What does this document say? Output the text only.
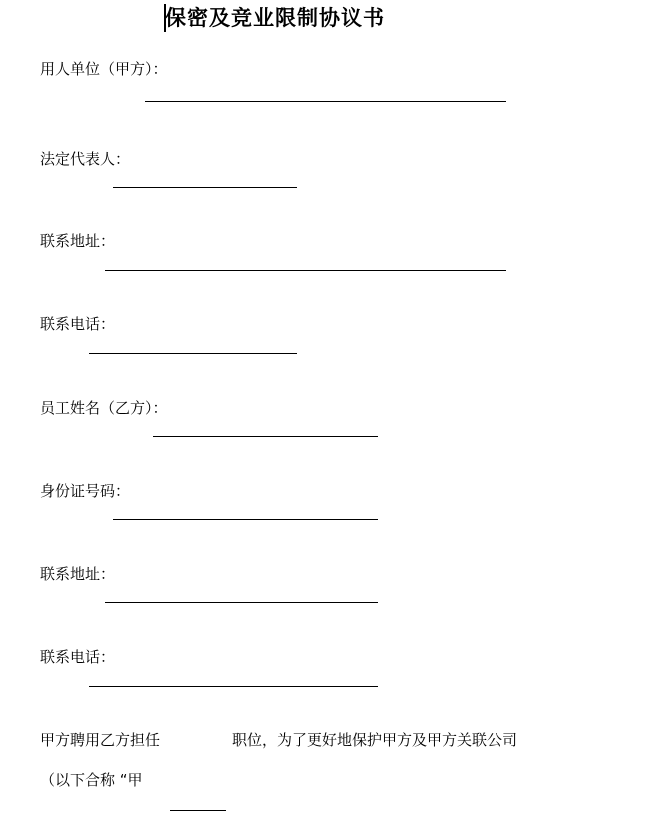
保密及竞业限制协议书
用人单位（甲方）：
法定代表人：
联系地址：
联系电话：
员工姓名（乙方）：
身份证号码：
联系地址：
联系电话：
甲方聘用乙方担任	职位，为了更好地保护甲方及甲方关联公司
（以下合称 “甲
